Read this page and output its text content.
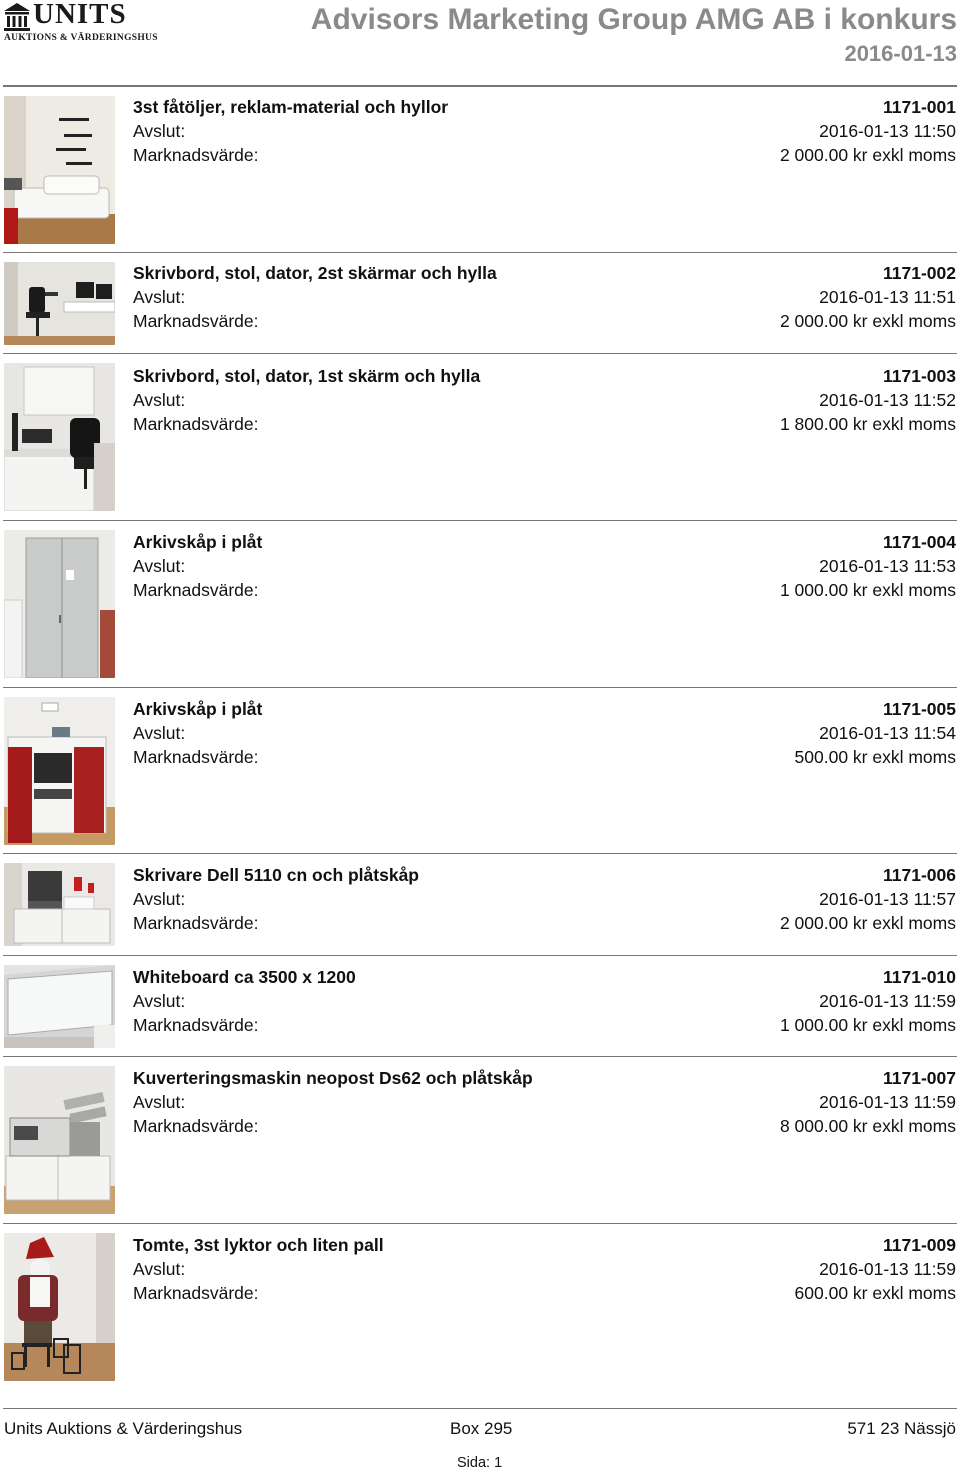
UNITS
AUKTIONS & VÄRDERINGSHUS
Advisors Marketing Group AMG AB i konkurs
2016-01-13
3st fåtöljer, reklam-material och hyllor
Avslut:
Marknadsvärde:
1171-001
2016-01-13 11:50
2 000.00 kr exkl moms
Skrivbord, stol, dator, 2st skärmar och hylla
Avslut:
Marknadsvärde:
1171-002
2016-01-13 11:51
2 000.00 kr exkl moms
Skrivbord, stol, dator, 1st skärm och hylla
Avslut:
Marknadsvärde:
1171-003
2016-01-13 11:52
1 800.00 kr exkl moms
Arkivskåp i plåt
Avslut:
Marknadsvärde:
1171-004
2016-01-13 11:53
1 000.00 kr exkl moms
Arkivskåp i plåt
Avslut:
Marknadsvärde:
1171-005
2016-01-13 11:54
500.00 kr exkl moms
Skrivare Dell 5110 cn och plåtskåp
Avslut:
Marknadsvärde:
1171-006
2016-01-13 11:57
2 000.00 kr exkl moms
Whiteboard ca 3500 x 1200
Avslut:
Marknadsvärde:
1171-010
2016-01-13 11:59
1 000.00 kr exkl moms
Kuverteringsmaskin neopost Ds62 och plåtskåp
Avslut:
Marknadsvärde:
1171-007
2016-01-13 11:59
8 000.00 kr exkl moms
Tomte, 3st lyktor och liten pall
Avslut:
Marknadsvärde:
1171-009
2016-01-13 11:59
600.00 kr exkl moms
Units Auktions & Värderingshus	Box 295	571 23 Nässjö
Sida: 1
